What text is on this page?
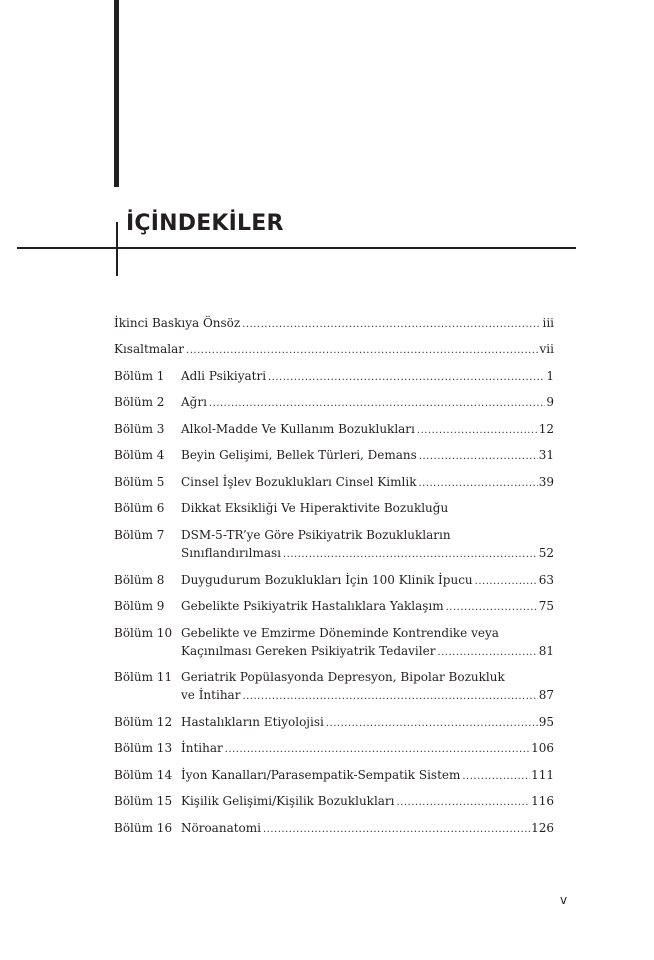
İÇİNDEKİLER
İkinci Baskıya Önsöz .....	iii
Kısaltmalar .....	vii
Bölüm 1 Adli Psikiyatri .....	1
Bölüm 2 Ağrı .....	9
Bölüm 3 Alkol-Madde Ve Kullanım Bozuklukları .....	12
Bölüm 4 Beyin Gelişimi, Bellek Türleri, Demans .....	31
Bölüm 5 Cinsel İşlev Bozuklukları Cinsel Kimlik .....	39
Bölüm 6 Dikkat Eksikliği Ve Hiperaktivite Bozukluğu
Bölüm 7 DSM-5-TR’ye Göre Psikiyatrik Bozuklukların
Sınıflandırılması .....	52
Bölüm 8 Duygudurum Bozuklukları İçin 100 Klinik İpucu .....	63
Bölüm 9 Gebelikte Psikiyatrik Hastalıklara Yaklaşım .....	75
Bölüm 10 Gebelikte ve Emzirme Döneminde Kontrendike veya
Kaçınılması Gereken Psikiyatrik Tedaviler .....	81
Bölüm 11 Geriatrik Popülasyonda Depresyon, Bipolar Bozukluk
ve İntihar .....	87
Bölüm 12 Hastalıkların Etiyolojisi .....	95
Bölüm 13 İntihar .....	106
Bölüm 14 İyon Kanalları/Parasempatik-Sempatik Sistem .....	111
Bölüm 15 Kişilik Gelişimi/Kişilik Bozuklukları .....	116
Bölüm 16 Nöroanatomi .....	126
v
